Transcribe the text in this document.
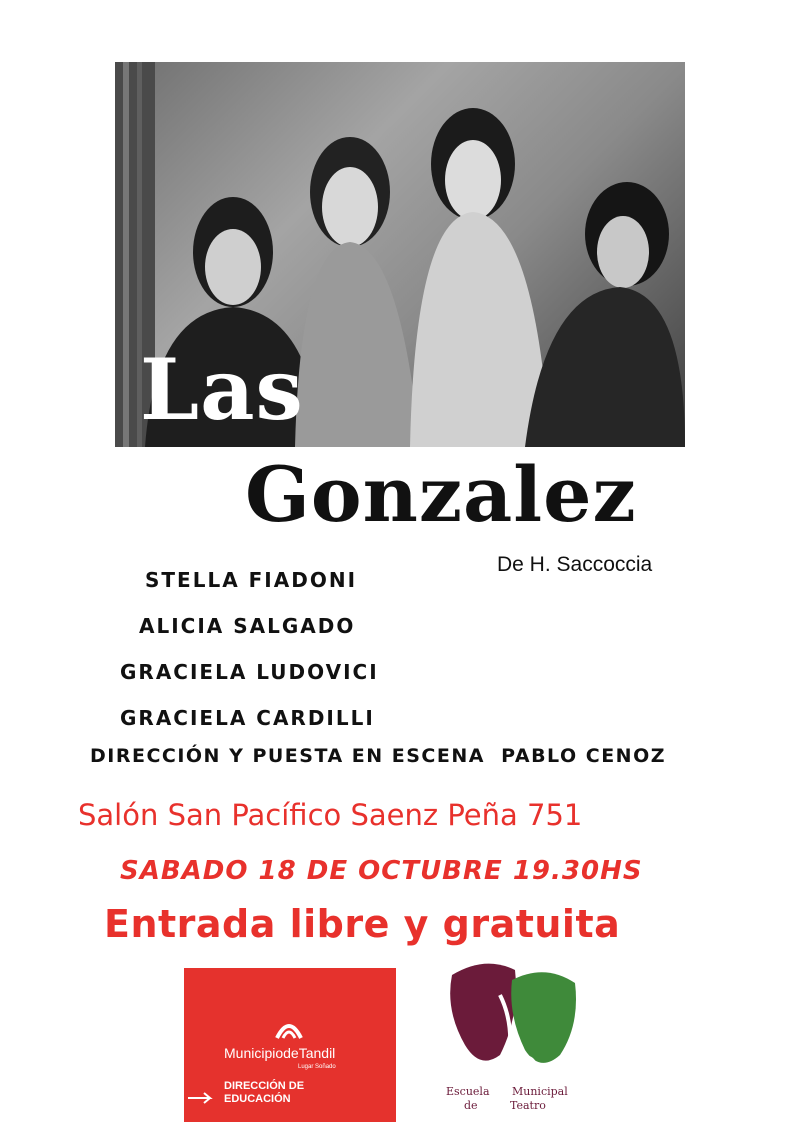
Las
Gonzalez
De H. Saccoccia
STELLA FIADONI
ALICIA SALGADO
GRACIELA LUDOVICI
GRACIELA CARDILLI
DIRECCIÓN Y PUESTA EN ESCENA  PABLO CENOZ
Salón San Pacífico Saenz Peña 751
SABADO 18 DE OCTUBRE 19.30HS
Entrada libre y gratuita
MunicipiodeTandil
Lugar Soñado
DIRECCIÓN DE
EDUCACIÓN
Escuela Municipal
de	Teatro
